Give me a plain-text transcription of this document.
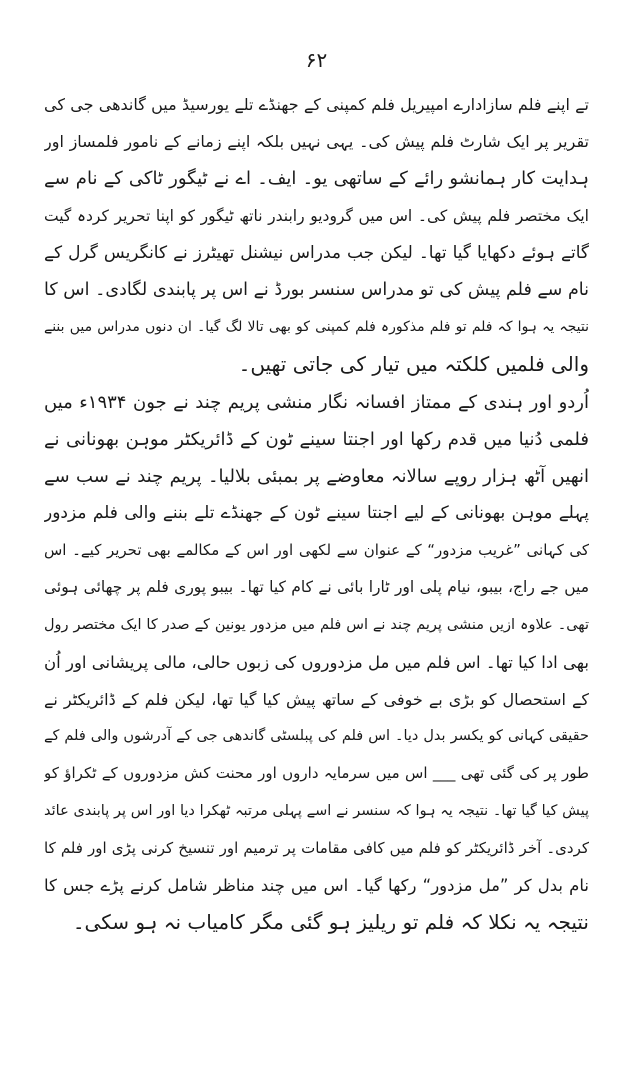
۶۲
تے اپنے فلم سازادارے امپیریل فلم کمپنی کے جھنڈے تلے یورسیڈ میں گاندھی جی کی
تقریر پر ایک شارٹ فلم پیش کی۔ یہی نہیں بلکہ اپنے زمانے کے نامور فلمساز اور
ہدایت کار ہمانشو رائے کے ساتھی یو۔ ایف۔ اے نے ٹیگور ٹاکی کے نام سے
ایک مختصر فلم پیش کی۔ اس میں گرودیو رابندر ناتھ ٹیگور کو اپنا تحریر کردہ گیت
گاتے ہوئے دکھایا گیا تھا۔ لیکن جب مدراس نیشنل تھیٹرز نے کانگریس گرل کے
نام سے فلم پیش کی تو مدراس سنسر بورڈ نے اس پر پابندی لگادی۔ اس کا
نتیجہ یہ ہوا کہ فلم تو فلم مذکورہ فلم کمپنی کو بھی تالا لگ گیا۔ ان دنوں مدراس میں بننے
والی فلمیں کلکتہ میں تیار کی جاتی تھیں۔
اُردو اور ہندی کے ممتاز افسانہ نگار منشی پریم چند نے جون ۱۹۳۴ء میں
فلمی دُنیا میں قدم رکھا اور اجنتا سینے ٹون کے ڈائریکٹر موہن بھونانی نے
انھیں آٹھ ہزار روپے سالانہ معاوضے پر بمبئی بلالیا۔ پریم چند نے سب سے
پہلے موہن بھونانی کے لیے اجنتا سینے ٹون کے جھنڈے تلے بننے والی فلم مزدور
کی کہانی ”غریب مزدور“ کے عنوان سے لکھی اور اس کے مکالمے بھی تحریر کیے۔ اس
میں جے راج، بیبو، نیام پلی اور ٹارا بائی نے کام کیا تھا۔ بیبو پوری فلم پر چھائی ہوئی
تھی۔ علاوہ ازیں منشی پریم چند نے اس فلم میں مزدور یونین کے صدر کا ایک مختصر رول
بھی ادا کیا تھا۔ اس فلم میں مل مزدوروں کی زبوں حالی، مالی پریشانی اور اُن
کے استحصال کو بڑی بے خوفی کے ساتھ پیش کیا گیا تھا، لیکن فلم کے ڈائریکٹر نے
حقیقی کہانی کو یکسر بدل دیا۔ اس فلم کی پبلسٹی گاندھی جی کے آدرشوں والی فلم کے
طور پر کی گئی تھی ___ اس میں سرمایہ داروں اور محنت کش مزدوروں کے ٹکراؤ کو
پیش کیا گیا تھا۔ نتیجہ یہ ہوا کہ سنسر نے اسے پہلی مرتبہ ٹھکرا دیا اور اس پر پابندی عائد
کردی۔ آخر ڈائریکٹر کو فلم میں کافی مقامات پر ترمیم اور تنسیخ کرنی پڑی اور فلم کا
نام بدل کر ”مل مزدور“ رکھا گیا۔ اس میں چند مناظر شامل کرنے پڑے جس کا
نتیجہ یہ نکلا کہ فلم تو ریلیز ہو گئی مگر کامیاب نہ ہو سکی۔
